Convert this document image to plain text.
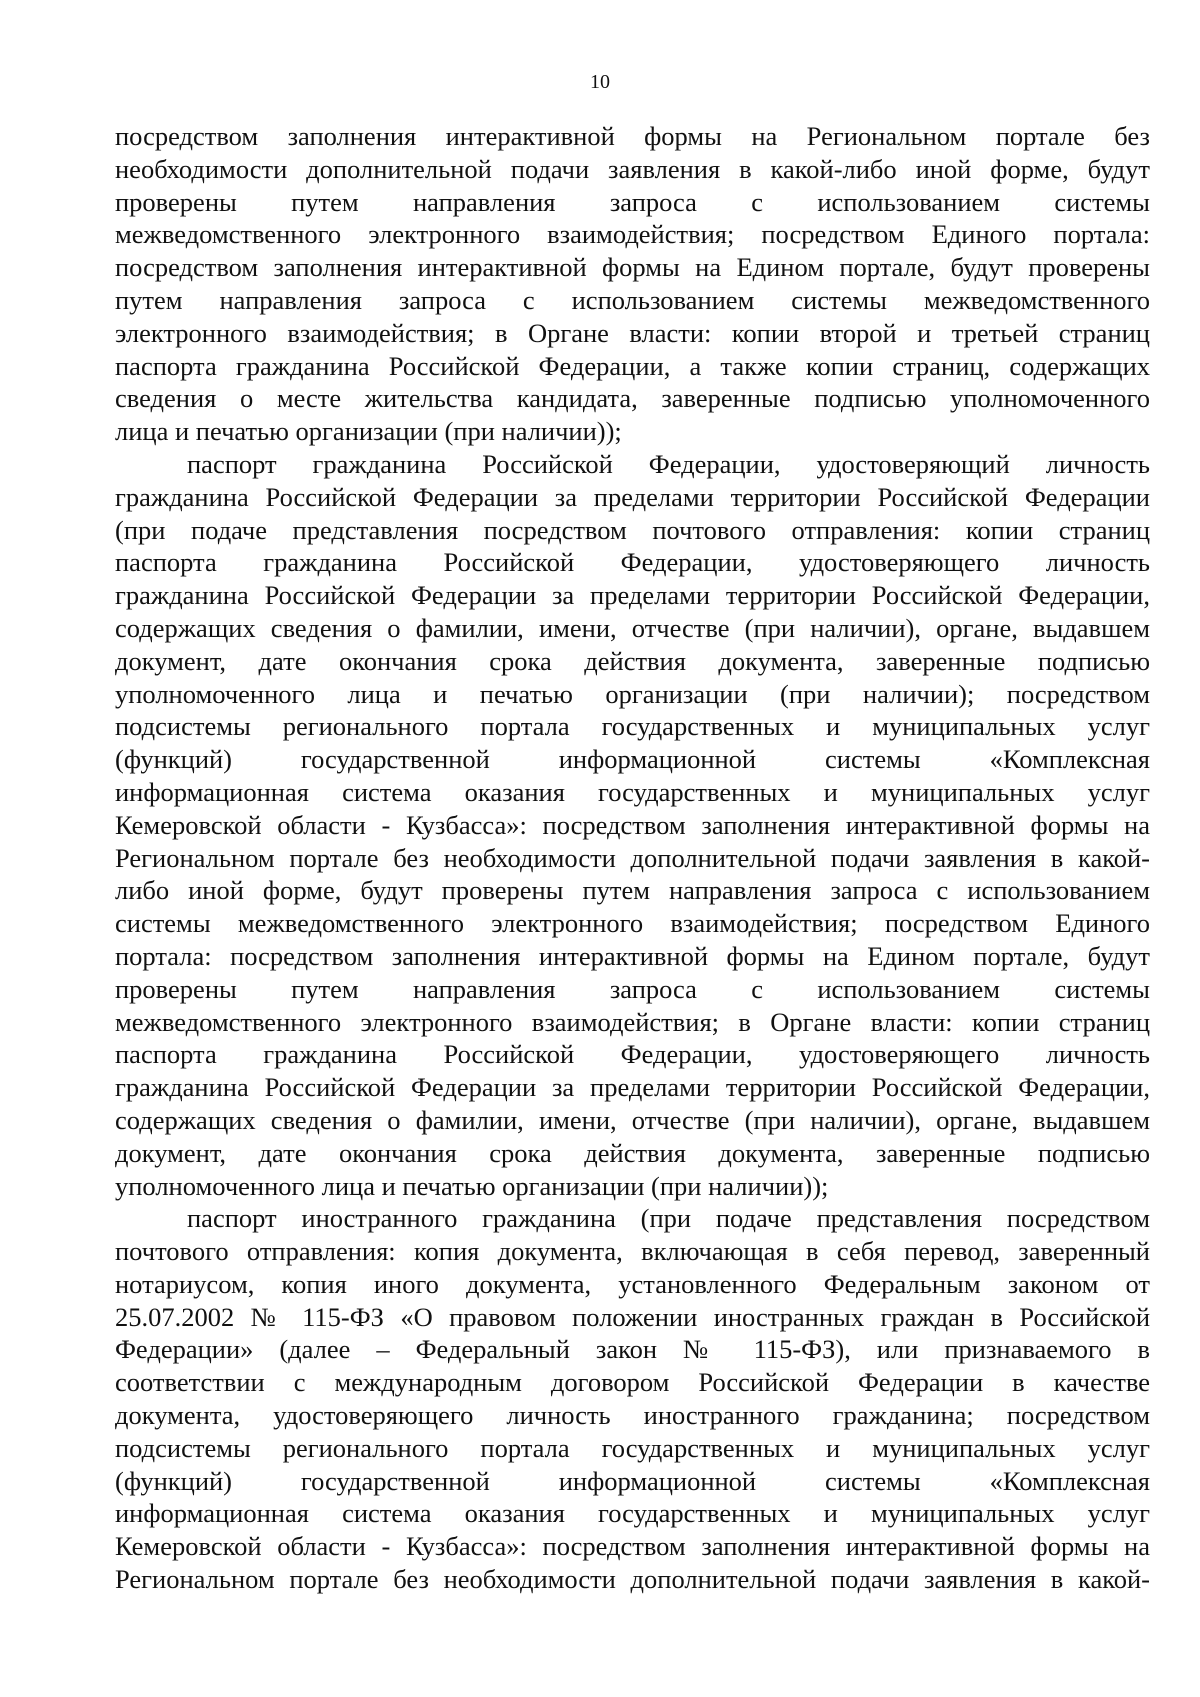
10
посредством заполнения интерактивной формы на Региональном портале без
необходимости дополнительной подачи заявления в какой-либо иной форме, будут
проверены путем направления запроса с использованием системы
межведомственного электронного взаимодействия; посредством Единого портала:
посредством заполнения интерактивной формы на Едином портале, будут проверены
путем направления запроса с использованием системы межведомственного
электронного взаимодействия; в Органе власти: копии второй и третьей страниц
паспорта гражданина Российской Федерации, а также копии страниц, содержащих
сведения о месте жительства кандидата, заверенные подписью уполномоченного
лица и печатью организации (при наличии));
паспорт гражданина Российской Федерации, удостоверяющий личность
гражданина Российской Федерации за пределами территории Российской Федерации
(при подаче представления посредством почтового отправления: копии страниц
паспорта гражданина Российской Федерации, удостоверяющего личность
гражданина Российской Федерации за пределами территории Российской Федерации,
содержащих сведения о фамилии, имени, отчестве (при наличии), органе, выдавшем
документ, дате окончания срока действия документа, заверенные подписью
уполномоченного лица и печатью организации (при наличии); посредством
подсистемы регионального портала государственных и муниципальных услуг
(функций) государственной информационной системы «Комплексная
информационная система оказания государственных и муниципальных услуг
Кемеровской области - Кузбасса»: посредством заполнения интерактивной формы на
Региональном портале без необходимости дополнительной подачи заявления в какой-
либо иной форме, будут проверены путем направления запроса с использованием
системы межведомственного электронного взаимодействия; посредством Единого
портала: посредством заполнения интерактивной формы на Едином портале, будут
проверены путем направления запроса с использованием системы
межведомственного электронного взаимодействия; в Органе власти: копии страниц
паспорта гражданина Российской Федерации, удостоверяющего личность
гражданина Российской Федерации за пределами территории Российской Федерации,
содержащих сведения о фамилии, имени, отчестве (при наличии), органе, выдавшем
документ, дате окончания срока действия документа, заверенные подписью
уполномоченного лица и печатью организации (при наличии));
паспорт иностранного гражданина (при подаче представления посредством
почтового отправления: копия документа, включающая в себя перевод, заверенный
нотариусом, копия иного документа, установленного Федеральным законом от
25.07.2002 № 115-ФЗ «О правовом положении иностранных граждан в Российской
Федерации» (далее – Федеральный закон № 115-ФЗ), или признаваемого в
соответствии с международным договором Российской Федерации в качестве
документа, удостоверяющего личность иностранного гражданина; посредством
подсистемы регионального портала государственных и муниципальных услуг
(функций) государственной информационной системы «Комплексная
информационная система оказания государственных и муниципальных услуг
Кемеровской области - Кузбасса»: посредством заполнения интерактивной формы на
Региональном портале без необходимости дополнительной подачи заявления в какой-
